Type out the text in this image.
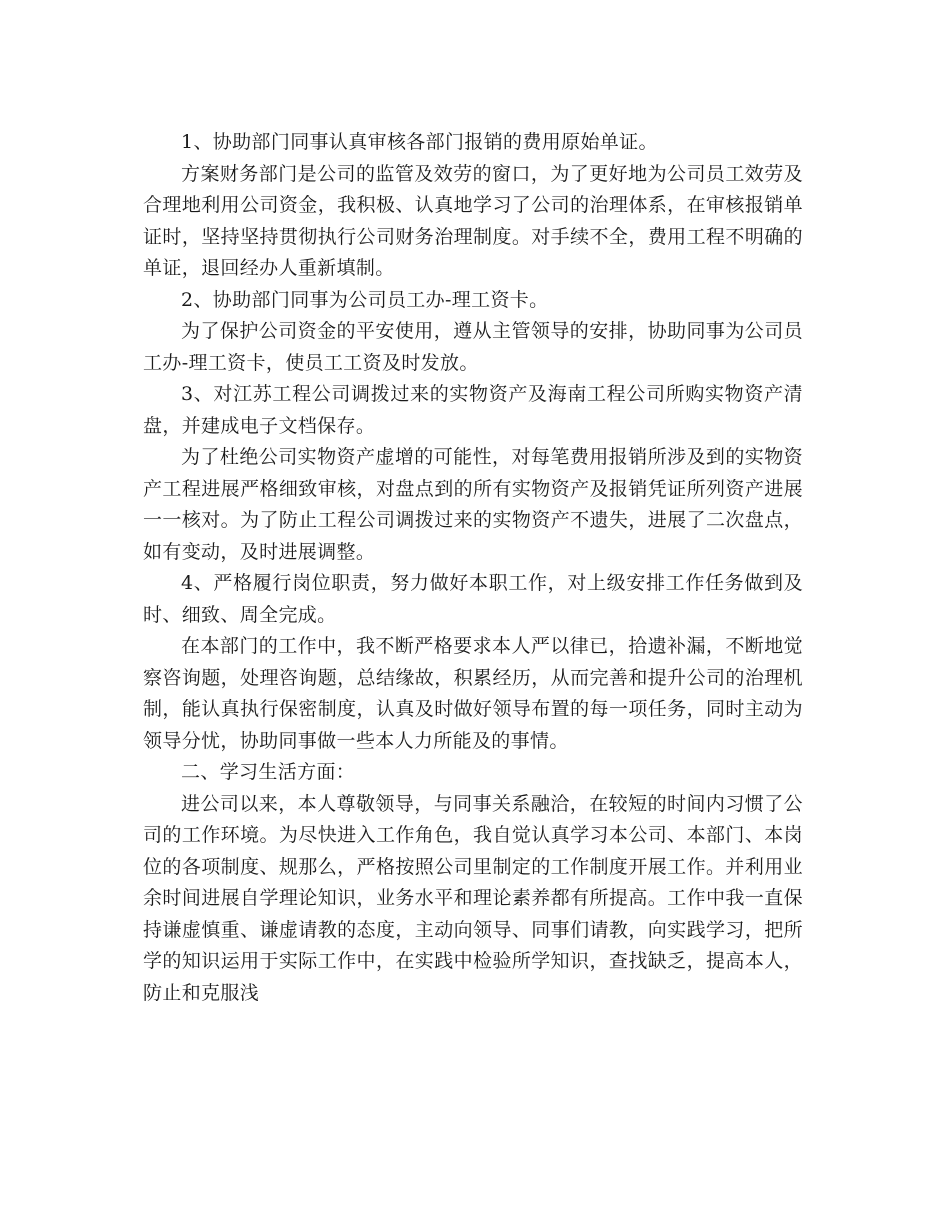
1、协助部门同事认真审核各部门报销的费用原始单证。

方案财务部门是公司的监管及效劳的窗口，为了更好地为公司员工效劳及合理地利用公司资金，我积极、认真地学习了公司的治理体系，在审核报销单证时，坚持坚持贯彻执行公司财务治理制度。对手续不全，费用工程不明确的单证，退回经办人重新填制。

2、协助部门同事为公司员工办-理工资卡。

为了保护公司资金的平安使用，遵从主管领导的安排，协助同事为公司员工办-理工资卡，使员工工资及时发放。

3、对江苏工程公司调拨过来的实物资产及海南工程公司所购实物资产清盘，并建成电子文档保存。

为了杜绝公司实物资产虚增的可能性，对每笔费用报销所涉及到的实物资产工程进展严格细致审核，对盘点到的所有实物资产及报销凭证所列资产进展一一核对。为了防止工程公司调拨过来的实物资产不遗失，进展了二次盘点，如有变动，及时进展调整。

4、严格履行岗位职责，努力做好本职工作，对上级安排工作任务做到及时、细致、周全完成。

在本部门的工作中，我不断严格要求本人严以律已，拾遗补漏，不断地觉察咨询题，处理咨询题，总结缘故，积累经历，从而完善和提升公司的治理机制，能认真执行保密制度，认真及时做好领导布置的每一项任务，同时主动为领导分忧，协助同事做一些本人力所能及的事情。

二、学习生活方面：

进公司以来，本人尊敬领导，与同事关系融洽，在较短的时间内习惯了公司的工作环境。为尽快进入工作角色，我自觉认真学习本公司、本部门、本岗位的各项制度、规那么，严格按照公司里制定的工作制度开展工作。并利用业余时间进展自学理论知识，业务水平和理论素养都有所提高。工作中我一直保持谦虚慎重、谦虚请教的态度，主动向领导、同事们请教，向实践学习，把所学的知识运用于实际工作中，在实践中检验所学知识，查找缺乏，提高本人，防止和克服浅
